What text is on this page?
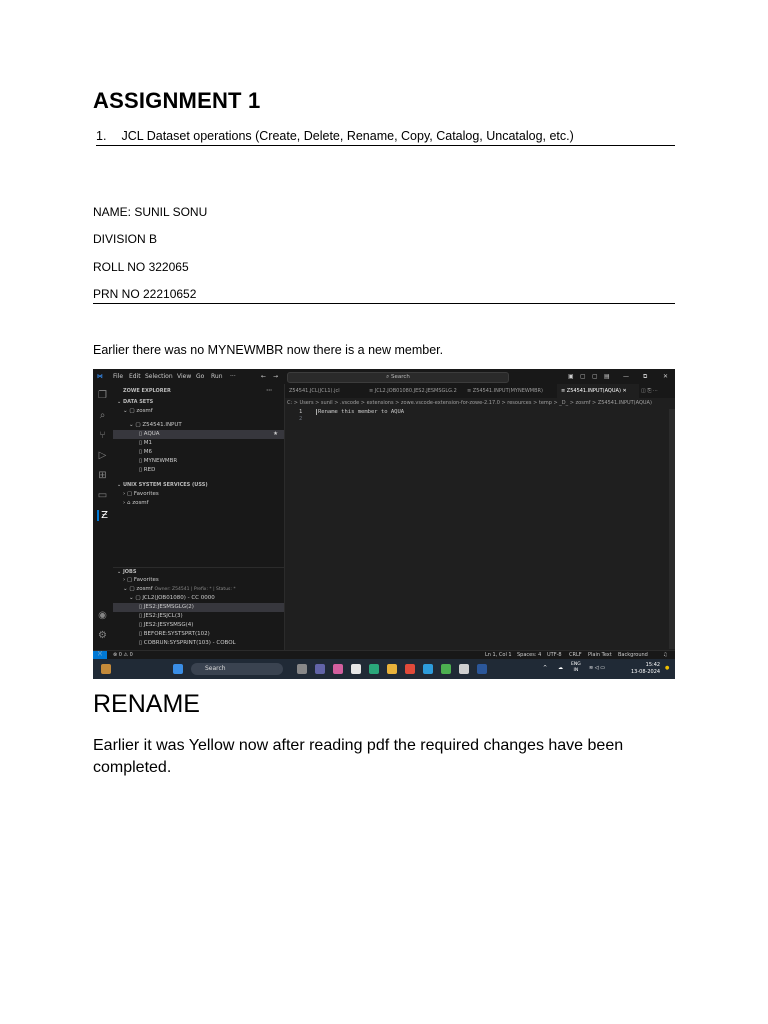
ASSIGNMENT 1
1. JCL Dataset operations (Create, Delete, Rename, Copy, Catalog, Uncatalog, etc.)
NAME: SUNIL SONU
DIVISION B
ROLL NO 322065
PRN NO 22210652
Earlier there was no MYNEWMBR now there is a new member.
⋈ File Edit Selection View Go Run ···	← →	⌕ Search	▣ ▢ ▢ ▤ — ⧉	✕
❐
⌕
⑂
▷
⊞
▭
Ƶ
◉
⚙
ZOWE EXPLORER	···
⌄ DATA SETS
⌄ ▢ zosmf
⌄ ▢ Z54541.INPUT
▯ AQUA	★
▯ M1
▯ M6
▯ MYNEWMBR
▯ RED
⌄ UNIX SYSTEM SERVICES (USS)
› ▢ Favorites
› ⌂ zosmf
⌄ JOBS
› ▢ Favorites
⌄ ▢ zosmf Owner: Z54541 | Prefix: * | Status: *
⌄ ▢ JCL2(JOB01080) - CC 0000
▯ JES2:JESMSGLG(2)
▯ JES2:JESJCL(3)
▯ JES2:JESYSMSG(4)
▯ BEFORE:SYSTSPRT(102)
▯ COBRUN:SYSPRINT(103) - COBOL
Z54541.JCL(JCL1).jcl	≡ JCL2.JOB01080.JES2.JESMSGLG.2	≡ Z54541.INPUT(MYNEWMBR)	≡ Z54541.INPUT(AQUA) ✕	◫ ⎘ ···
C: > Users > sunil > .vscode > extensions > zowe.vscode-extension-for-zowe-2.17.0 > resources > temp > _D_ > zosmf > Z54541.INPUT(AQUA)
1	Rename this member to AQUA
2
⟩⟨	⊗ 0 ⚠ 0	Ln 1, Col 1 Spaces: 4 UTF-8 CRLF Plain Text Background	♫
Search	^ ☁
ENG
IN	≋ ◁ ▭	15:42
13-08-2024
●
RENAME
Earlier it was Yellow now after reading pdf the required changes have been completed.
